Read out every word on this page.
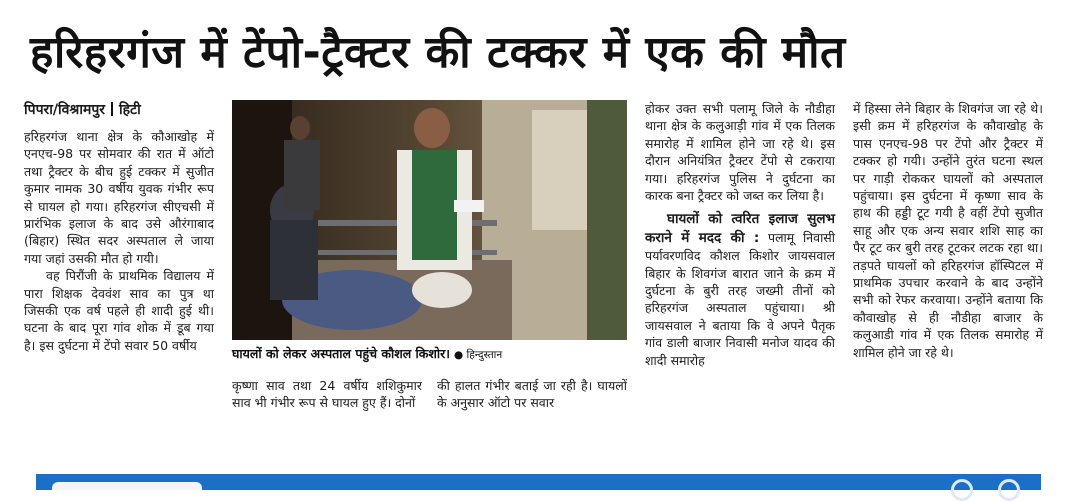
हरिहरगंज में टेंपो-ट्रैक्टर की टक्कर में एक की मौत
पिपरा/विश्रामपुर हिटी

हरिहरगंज थाना क्षेत्र के कौआखोह में एनएच-98 पर सोमवार की रात में ऑटो तथा ट्रैक्टर के बीच हुई टक्कर में सुजीत कुमार नामक 30 वर्षीय युवक गंभीर रूप से घायल हो गया। हरिहरगंज सीएचसी में प्रारंभिक इलाज के बाद उसे औरंगाबाद (बिहार) स्थित सदर अस्पताल ले जाया गया जहां उसकी मौत हो गयी।

वह पिरौंजी के प्राथमिक विद्यालय में पारा शिक्षक देववंश साव का पुत्र था जिसकी एक वर्ष पहले ही शादी हुई थी। घटना के बाद पूरा गांव शोक में डूब गया है। इस दुर्घटना में टेंपो सवार 50 वर्षीय

घायलों को लेकर अस्पताल पहुंचे कौशल किशोर। ● हिन्दुस्तान

कृष्णा साव तथा 24 वर्षीय शशिकुमार साव भी गंभीर रूप से घायल हुए हैं। दोनों

की हालत गंभीर बताई जा रही है। घायलों के अनुसार ऑटो पर सवार

होकर उक्त सभी पलामू जिले के नौडीहा थाना क्षेत्र के कलुआड़ी गांव में एक तिलक समारोह में शामिल होने जा रहे थे। इस दौरान अनियंत्रित ट्रैक्टर टेंपो से टकराया गया। हरिहरगंज पुलिस ने दुर्घटना का कारक बना ट्रैक्टर को जब्त कर लिया है।

घायलों को त्वरित इलाज सुलभ कराने में मदद की : पलामू निवासी पर्यावरणविद कौशल किशोर जायसवाल बिहार के शिवगंज बारात जाने के क्रम में दुर्घटना के बुरी तरह जख्मी तीनों को हरिहरगंज अस्पताल पहुंचाया। श्री जायसवाल ने बताया कि वे अपने पैतृक गांव डाली बाजार निवासी मनोज यादव की शादी समारोह

में हिस्सा लेने बिहार के शिवगंज जा रहे थे। इसी क्रम में हरिहरगंज के कौवाखोह के पास एनएच-98 पर टेंपो और ट्रैक्टर में टक्कर हो गयी। उन्होंने तुरंत घटना स्थल पर गाड़ी रोककर घायलों को अस्पताल पहुंचाया। इस दुर्घटना में कृष्णा साव के हाथ की हड्डी टूट गयी है वहीं टेंपो सुजीत साहू और एक अन्य सवार शशि साह का पैर टूट कर बुरी तरह टूटकर लटक रहा था। तड़पते घायलों को हरिहरगंज हॉस्पिटल में प्राथमिक उपचार करवाने के बाद उन्होंने सभी को रेफर करवाया। उन्होंने बताया कि कौवाखोह से ही नौडीहा बाजार के कलुआडी गांव में एक तिलक समारोह में शामिल होने जा रहे थे।
